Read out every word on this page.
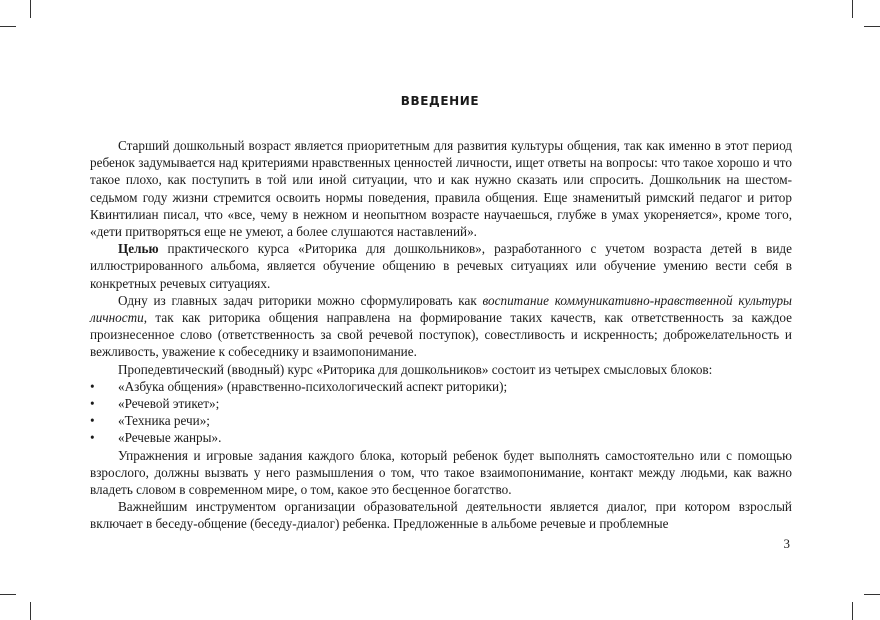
ВВЕДЕНИЕ

Старший дошкольный возраст является приоритетным для развития культуры общения, так как именно в этот период ребенок задумывается над критериями нравственных ценностей личности, ищет ответы на вопросы: что такое хорошо и что такое плохо, как поступить в той или иной ситуации, что и как нужно сказать или спросить. Дошкольник на шестом-седьмом году жизни стремится освоить нормы поведения, правила общения. Еще знаменитый римский педагог и ритор Квинтилиан писал, что «все, чему в нежном и неопытном возрасте научаешься, глубже в умах укореняется», кроме того, «дети притворяться еще не умеют, а более слушаются наставлений».

Целью практического курса «Риторика для дошкольников», разработанного с учетом возраста детей в виде иллюстрированного альбома, является обучение общению в речевых ситуациях или обучение умению вести себя в конкретных речевых ситуациях.

Одну из главных задач риторики можно сформулировать как воспитание коммуникативно-нравственной культуры личности, так как риторика общения направлена на формирование таких качеств, как ответственность за каждое произнесенное слово (ответственность за свой речевой поступок), совестливость и искренность; доброжелательность и вежливость, уважение к собеседнику и взаимопонимание.

Пропедевтический (вводный) курс «Риторика для дошкольников» состоит из четырех смысловых блоков:

• «Азбука общения» (нравственно-психологический аспект риторики);
• «Речевой этикет»;
• «Техника речи»;
• «Речевые жанры».

Упражнения и игровые задания каждого блока, который ребенок будет выполнять самостоятельно или с помощью взрослого, должны вызвать у него размышления о том, что такое взаимопонимание, контакт между людьми, как важно владеть словом в современном мире, о том, какое это бесценное богатство.

Важнейшим инструментом организации образовательной деятельности является диалог, при котором взрослый включает в беседу-общение (беседу-диалог) ребенка. Предложенные в альбоме речевые и проблемные

3
